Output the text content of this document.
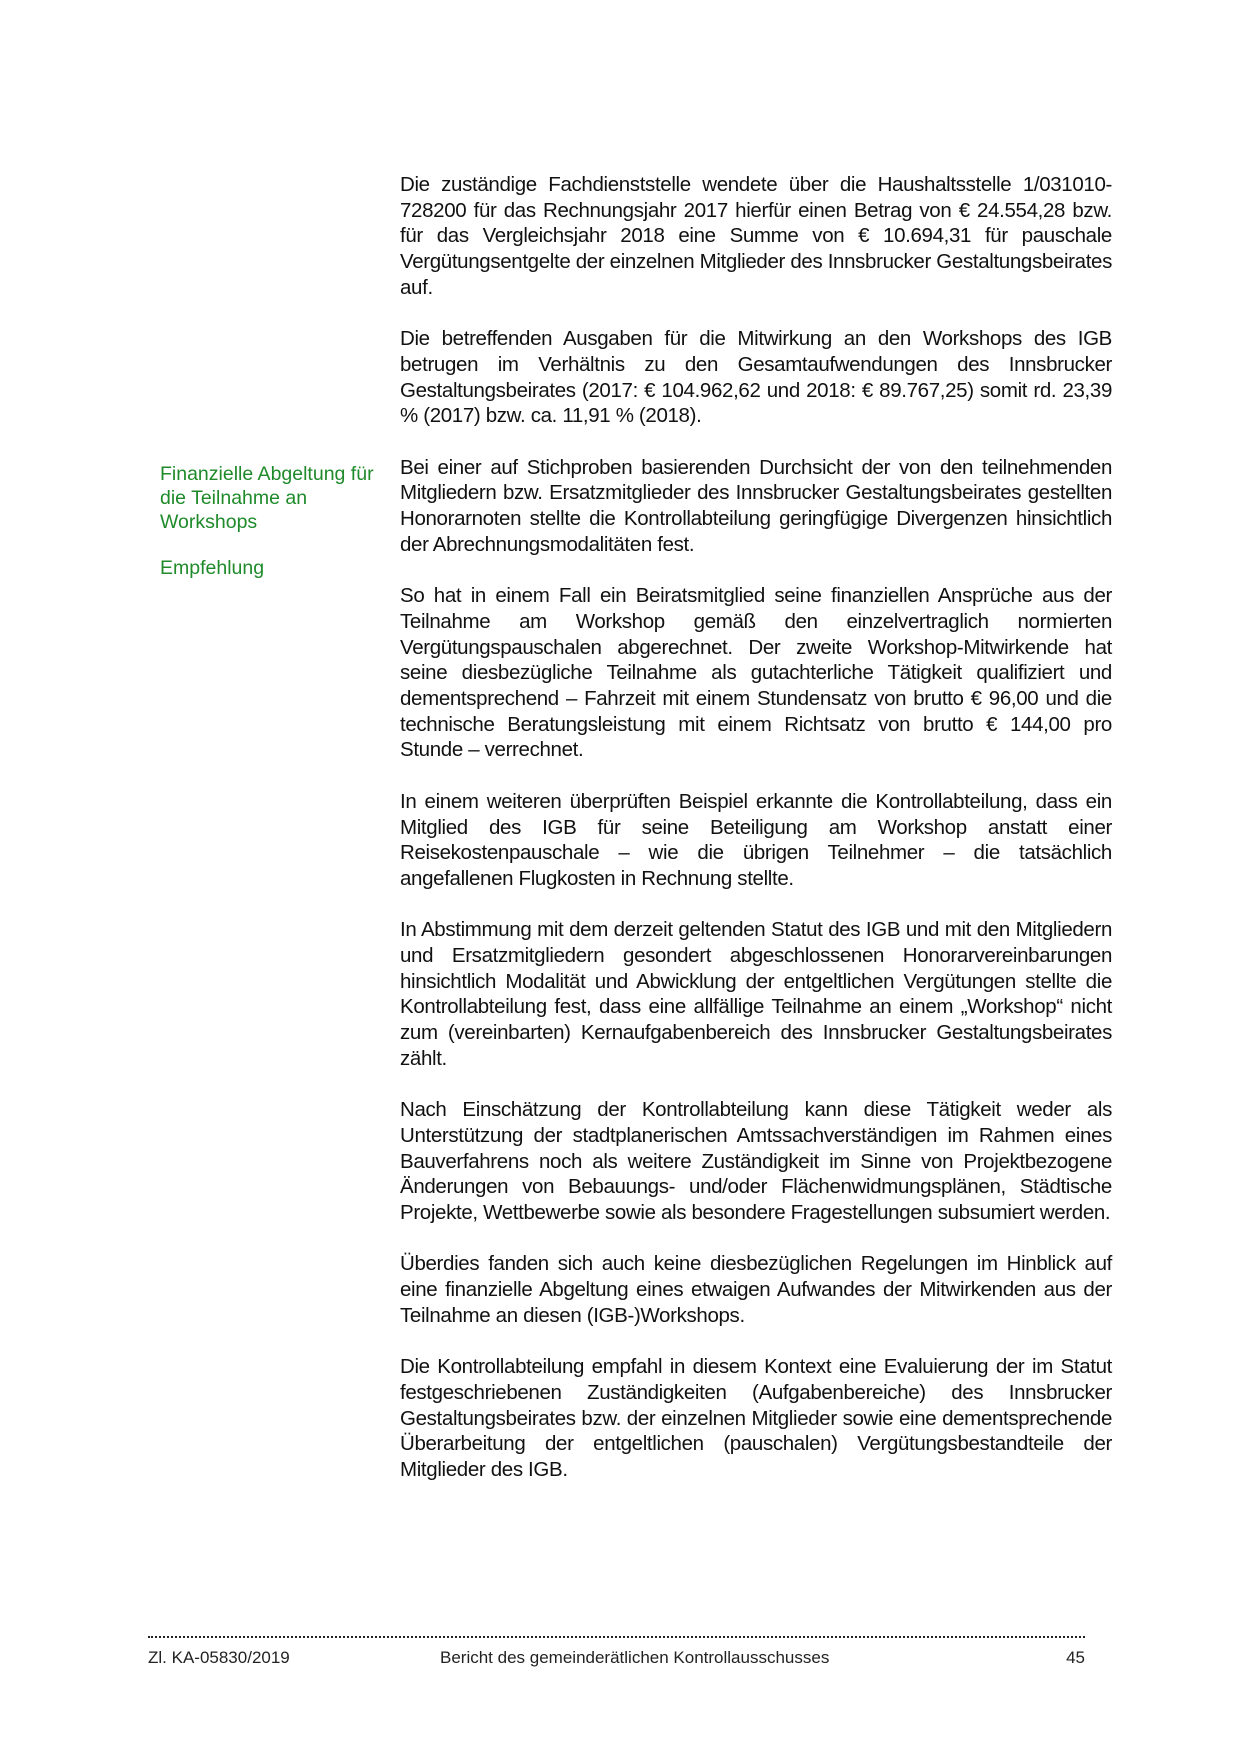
Finanzielle Abgeltung für die Teilnahme an Workshops

Empfehlung

Die zuständige Fachdienststelle wendete über die Haushaltsstelle 1/031010-728200 für das Rechnungsjahr 2017 hierfür einen Betrag von € 24.554,28 bzw. für das Vergleichsjahr 2018 eine Summe von € 10.694,31 für pauschale Vergütungsentgelte der einzelnen Mitglieder des Innsbrucker Gestaltungsbeirates auf.

Die betreffenden Ausgaben für die Mitwirkung an den Workshops des IGB betrugen im Verhältnis zu den Gesamtaufwendungen des Innsbrucker Gestaltungsbeirates (2017: € 104.962,62 und 2018: € 89.767,25) somit rd. 23,39 % (2017) bzw. ca. 11,91 % (2018).

Bei einer auf Stichproben basierenden Durchsicht der von den teilnehmenden Mitgliedern bzw. Ersatzmitglieder des Innsbrucker Gestaltungsbeirates gestellten Honorarnoten stellte die Kontrollabteilung geringfügige Divergenzen hinsichtlich der Abrechnungsmodalitäten fest.

So hat in einem Fall ein Beiratsmitglied seine finanziellen Ansprüche aus der Teilnahme am Workshop gemäß den einzelvertraglich normierten Vergütungspauschalen abgerechnet. Der zweite Workshop-Mitwirkende hat seine diesbezügliche Teilnahme als gutachterliche Tätigkeit qualifiziert und dementsprechend – Fahrzeit mit einem Stundensatz von brutto € 96,00 und die technische Beratungsleistung mit einem Richtsatz von brutto € 144,00 pro Stunde – verrechnet.

In einem weiteren überprüften Beispiel erkannte die Kontrollabteilung, dass ein Mitglied des IGB für seine Beteiligung am Workshop anstatt einer Reisekostenpauschale – wie die übrigen Teilnehmer – die tatsächlich angefallenen Flugkosten in Rechnung stellte.

In Abstimmung mit dem derzeit geltenden Statut des IGB und mit den Mitgliedern und Ersatzmitgliedern gesondert abgeschlossenen Honorarvereinbarungen hinsichtlich Modalität und Abwicklung der entgeltlichen Vergütungen stellte die Kontrollabteilung fest, dass eine allfällige Teilnahme an einem „Workshop“ nicht zum (vereinbarten) Kernaufgabenbereich des Innsbrucker Gestaltungsbeirates zählt.

Nach Einschätzung der Kontrollabteilung kann diese Tätigkeit weder als Unterstützung der stadtplanerischen Amtssachverständigen im Rahmen eines Bauverfahrens noch als weitere Zuständigkeit im Sinne von Projektbezogene Änderungen von Bebauungs- und/oder Flächenwidmungsplänen, Städtische Projekte, Wettbewerbe sowie als besondere Fragestellungen subsumiert werden.

Überdies fanden sich auch keine diesbezüglichen Regelungen im Hinblick auf eine finanzielle Abgeltung eines etwaigen Aufwandes der Mitwirkenden aus der Teilnahme an diesen (IGB-)Workshops.

Die Kontrollabteilung empfahl in diesem Kontext eine Evaluierung der im Statut festgeschriebenen Zuständigkeiten (Aufgabenbereiche) des Innsbrucker Gestaltungsbeirates bzw. der einzelnen Mitglieder sowie eine dementsprechende Überarbeitung der entgeltlichen (pauschalen) Vergütungsbestandteile der Mitglieder des IGB.

Zl. KA-05830/2019	Bericht des gemeinderätlichen Kontrollausschusses	45
